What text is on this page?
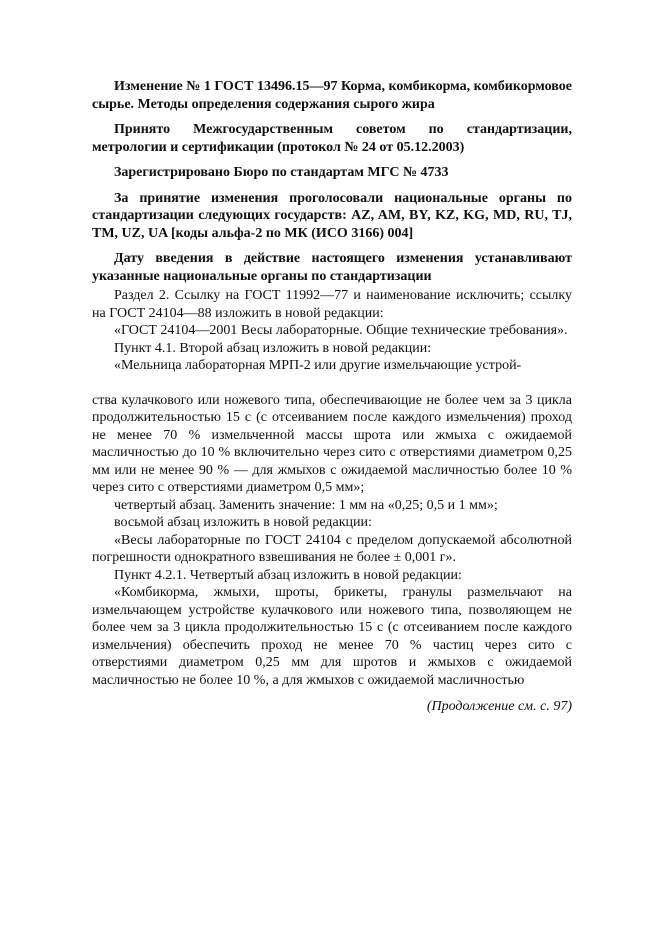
Изменение № 1 ГОСТ 13496.15—97 Корма, комбикорма, комбикормовое сырье. Методы определения содержания сырого жира

Принято Межгосударственным советом по стандартизации, метрологии и сертификации (протокол № 24 от 05.12.2003)

Зарегистрировано Бюро по стандартам МГС № 4733

За принятие изменения проголосовали национальные органы по стандартизации следующих государств: AZ, AM, BY, KZ, KG, MD, RU, TJ, TM, UZ, UA [коды альфа-2 по МК (ИСО 3166) 004]

Дату введения в действие настоящего изменения устанавливают указанные национальные органы по стандартизации

Раздел 2. Ссылку на ГОСТ 11992—77 и наименование исключить; ссылку на ГОСТ 24104—88 изложить в новой редакции:

«ГОСТ 24104—2001 Весы лабораторные. Общие технические требования».

Пункт 4.1. Второй абзац изложить в новой редакции:

«Мельница лабораторная МРП-2 или другие измельчающие устрой-

ства кулачкового или ножевого типа, обеспечивающие не более чем за 3 цикла продолжительностью 15 с (с отсеиванием после каждого измельчения) проход не менее 70 % измельченной массы шрота или жмыха с ожидаемой масличностью до 10 % включительно через сито с отверстиями диаметром 0,25 мм или не менее 90 % — для жмыхов с ожидаемой масличностью более 10 % через сито с отверстиями диаметром 0,5 мм»;

четвертый абзац. Заменить значение: 1 мм на «0,25; 0,5 и 1 мм»;

восьмой абзац изложить в новой редакции:

«Весы лабораторные по ГОСТ 24104 с пределом допускаемой абсолютной погрешности однократного взвешивания не более ± 0,001 г».

Пункт 4.2.1. Четвертый абзац изложить в новой редакции:

«Комбикорма, жмыхи, шроты, брикеты, гранулы размельчают на измельчающем устройстве кулачкового или ножевого типа, позволяющем не более чем за 3 цикла продолжительностью 15 с (с отсеиванием после каждого измельчения) обеспечить проход не менее 70 % частиц через сито с отверстиями диаметром 0,25 мм для шротов и жмыхов с ожидаемой масличностью не более 10 %, а для жмыхов с ожидаемой масличностью

(Продолжение см. с. 97)
